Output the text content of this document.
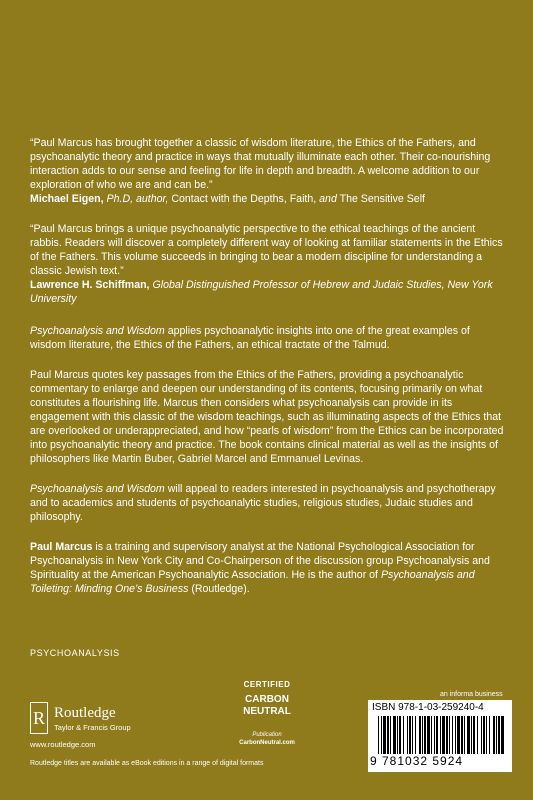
“Paul Marcus has brought together a classic of wisdom literature, the Ethics of the Fathers, and psychoanalytic theory and practice in ways that mutually illuminate each other. Their co-nourishing interaction adds to our sense and feeling for life in depth and breadth. A welcome addition to our exploration of who we are and can be.”

Michael Eigen, Ph.D, author, Contact with the Depths, Faith, and The Sensitive Self

“Paul Marcus brings a unique psychoanalytic perspective to the ethical teachings of the ancient rabbis. Readers will discover a completely different way of looking at familiar statements in the Ethics of the Fathers. This volume succeeds in bringing to bear a modern discipline for understanding a classic Jewish text.”

Lawrence H. Schiffman, Global Distinguished Professor of Hebrew and Judaic Studies, New York University

Psychoanalysis and Wisdom applies psychoanalytic insights into one of the great examples of wisdom literature, the Ethics of the Fathers, an ethical tractate of the Talmud.

Paul Marcus quotes key passages from the Ethics of the Fathers, providing a psychoanalytic commentary to enlarge and deepen our understanding of its contents, focusing primarily on what constitutes a flourishing life. Marcus then considers what psychoanalysis can provide in its engagement with this classic of the wisdom teachings, such as illuminating aspects of the Ethics that are overlooked or underappreciated, and how “pearls of wisdom” from the Ethics can be incorporated into psychoanalytic theory and practice. The book contains clinical material as well as the insights of philosophers like Martin Buber, Gabriel Marcel and Emmanuel Levinas.

Psychoanalysis and Wisdom will appeal to readers interested in psychoanalysis and psychotherapy and to academics and students of psychoanalytic studies, religious studies, Judaic studies and philosophy.

Paul Marcus is a training and supervisory analyst at the National Psychological Association for Psychoanalysis in New York City and Co-Chairperson of the discussion group Psychoanalysis and Spirituality at the American Psychoanalytic Association. He is the author of Psychoanalysis and Toileting: Minding One’s Business (Routledge).

PSYCHOANALYSIS
R Routledge
Taylor & Francis Group
www.routledge.com
CERTIFIED
CARBON
NEUTRAL
Publication
CarbonNeutral.com
an informa business
ISBN 978-1-03-259240-4
9 781032 5924
Routledge titles are available as eBook editions in a range of digital formats
